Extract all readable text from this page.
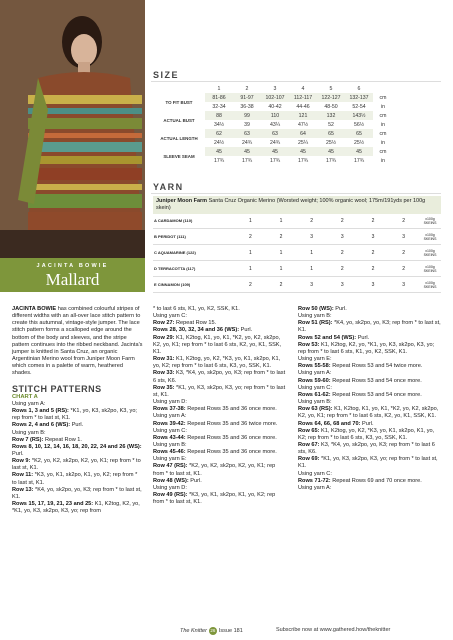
JACINTA BOWIE
Mallard
SIZE
	1	2	3	4	5	6	
TO FIT BUST	81-86	91-97	102-107	112-117	122-127	132-137	cm
	32-34	36-38	40-42	44-46	48-50	52-54	in
ACTUAL BUST	88	99	110	121	132	143½	cm
	34½	39	43¼	47½	52	56½	in
ACTUAL LENGTH	62	63	63	64	65	65	cm
	24½	24¾	24¾	25¼	25½	25½	in
SLEEVE SEAM	45	45	45	45	45	45	cm
	17¾	17¾	17¾	17¾	17¾	17¾	in
YARN
Juniper Moon Farm Santa Cruz Organic Merino (Worsted weight; 100% organic wool; 175m/191yds per 100g skein)
A CARDAMOM (110)	1	1	2	2	2	2	x100g SKEINS
B PERIDOT (111)	2	2	3	3	3	3	x100g SKEINS
C AQUAMARINE (122)	1	1	1	2	2	2	x100g SKEINS
D TERRACOTTA (117)	1	1	1	2	2	2	x100g SKEINS
E CINNAMON (109)	2	2	3	3	3	3	x100g SKEINS

JACINTA BOWIE has combined colourful stripes of different widths with an all-over lace stitch pattern to create this autumnal, vintage-style jumper. The lace stitch pattern forms a scalloped edge around the bottom of the body and sleeves, and the stripe pattern continues into the ribbed neckband. Jacinta's jumper is knitted in Santa Cruz, an organic Argentinian Merino wool from Juniper Moon Farm which comes in a palette of warm, heathered shades.

STITCH PATTERNS

CHART A

Using yarn A:

Rows 1, 3 and 5 (RS): *K1, yo, K3, sk2po, K3, yo; rep from * to last st, K1.

Rows 2, 4 and 6 (WS): Purl.

Using yarn B:

Row 7 (RS): Repeat Row 1.

Rows 8, 10, 12, 14, 16, 18, 20, 22, 24 and 26 (WS): Purl.

Row 9: *K2, yo, K2, sk2po, K2, yo, K1; rep from * to last st, K1.

Row 11: *K3, yo, K1, sk2po, K1, yo, K2; rep from * to last st, K1.

Row 13: *K4, yo, sk2po, yo, K3; rep from * to last st, K1.

Rows 15, 17, 19, 21, 23 and 25: K1, K2tog, K2, yo, *K1, yo, K3, sk2po, K3, yo; rep from

* to last 6 sts, K1, yo, K2, SSK, K1.

Using yarn C:

Row 27: Repeat Row 15.

Rows 28, 30, 32, 34 and 36 (WS): Purl.

Row 29: K1, K2tog, K1, yo, K1, *K2, yo, K2, sk2po, K2, yo, K1; rep from * to last 6 sts, K2, yo, K1, SSK, K1.

Row 31: K1, K2tog, yo, K2, *K3, yo, K1, sk2po, K1, yo, K2; rep from * to last 6 sts, K3, yo, SSK, K1.

Row 33: K3, *K4, yo, sk2po, yo, K3; rep from * to last 6 sts, K6.

Row 35: *K1, yo, K3, sk2po, K3, yo; rep from * to last st, K1.

Using yarn D:

Rows 37-38: Repeat Rows 35 and 36 once more.

Using yarn A:

Rows 39-42: Repeat Rows 35 and 36 twice more.

Using yarn C:

Rows 43-44: Repeat Rows 35 and 36 once more.

Using yarn B:

Rows 45-46: Repeat Rows 35 and 36 once more.

Using yarn E:

Row 47 (RS): *K2, yo, K2, sk2po, K2, yo, K1; rep from * to last st, K1.

Row 48 (WS): Purl.

Using yarn D:

Row 49 (RS): *K3, yo, K1, sk2po, K1, yo, K2; rep from * to last st, K1.

Row 50 (WS): Purl.

Using yarn B:

Row 51 (RS): *K4, yo, sk2po, yo, K3; rep from * to last st, K1.

Rows 52 and 54 (WS): Purl.

Row 53: K1, K2tog, K2, yo, *K1, yo, K3, sk2po, K3, yo; rep from * to last 6 sts, K1, yo, K2, SSK, K1.

Using yarn E:

Rows 55-58: Repeat Rows 53 and 54 twice more.

Using yarn A:

Rows 59-60: Repeat Rows 53 and 54 once more.

Using yarn C:

Rows 61-62: Repeat Rows 53 and 54 once more.

Using yarn B:

Row 63 (RS): K1, K2tog, K1, yo, K1, *K2, yo, K2, sk2po, K2, yo, K1; rep from * to last 6 sts, K2, yo, K1, SSK, K1.

Rows 64, 66, 68 and 70: Purl.

Row 65: K1, K2tog, yo, K2, *K3, yo, K1, sk2po, K1, yo, K2; rep from * to last 6 sts, K3, yo, SSK, K1.

Row 67: K3, *K4, yo, sk2po, yo, K3; rep from * to last 6 sts, K6.

Row 69: *K1, yo, K3, sk2po, K3, yo; rep from * to last st, K1.

Using yarn C:

Rows 71-72: Repeat Rows 69 and 70 once more.

Using yarn A:

The Knitter 26 Issue 181	Subscribe now at www.gathered.how/theknitter
